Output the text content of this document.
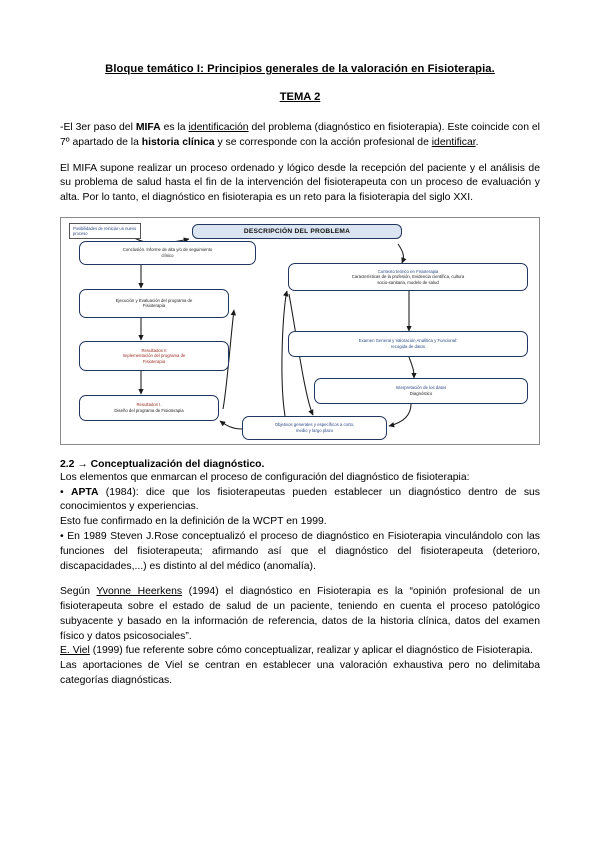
Bloque temático I: Principios generales de la valoración en Fisioterapia.
TEMA 2

-El 3er paso del MIFA es la identificación del problema (diagnóstico en fisioterapia). Este coincide con el 7º apartado de la historia clínica y se corresponde con la acción profesional de identificar.

El MIFA supone realizar un proceso ordenado y lógico desde la recepción del paciente y el análisis de su problema de salud hasta el fin de la intervención del fisioterapeuta con un proceso de evaluación y alta. Por lo tanto, el diagnóstico en fisioterapia es un reto para la fisioterapia del siglo XXI.

Posibilidades de reiniciar un nuevo proceso	DESCRIPCIÓN DEL PROBLEMA
Conclusión. Informe de alta y/o de seguimiento
clínico
Ejecución y Evaluación del programa de
Fisioterapia
Resultados II
Implementación del programa de
Fisioterapia
Resultados I.
Diseño del programa de Fisioterapia
Contexto teórico en Fisioterapia
Características de la profesión, Evidencia científica, cultura
socio-sanitaria, modelo de salud
Examen General y Valoración Analítica y Funcional:
recogida de datos
Interpretación de los datos
Diagnóstico
Objetivos generales y específicos a corto,
medio y largo plazo

2.2 → Conceptualización del diagnóstico.

Los elementos que enmarcan el proceso de configuración del diagnóstico de fisioterapia:

• APTA (1984): dice que los fisioterapeutas pueden establecer un diagnóstico dentro de sus conocimientos y experiencias.

Esto fue confirmado en la definición de la WCPT en 1999.

• En 1989 Steven J.Rose conceptualizó el proceso de diagnóstico en Fisioterapia vinculándolo con las funciones del fisioterapeuta; afirmando así que el diagnóstico del fisioterapeuta (deterioro, discapacidades,...) es distinto al del médico (anomalía).

Según Yvonne Heerkens (1994) el diagnóstico en Fisioterapia es la “opinión profesional de un fisioterapeuta sobre el estado de salud de un paciente, teniendo en cuenta el proceso patológico subyacente y basado en la información de referencia, datos de la historia clínica, datos del examen físico y datos psicosociales”.

E. Viel (1999) fue referente sobre cómo conceptualizar, realizar y aplicar el diagnóstico de Fisioterapia.

Las aportaciones de Viel se centran en establecer una valoración exhaustiva pero no delimitaba categorías diagnósticas.
